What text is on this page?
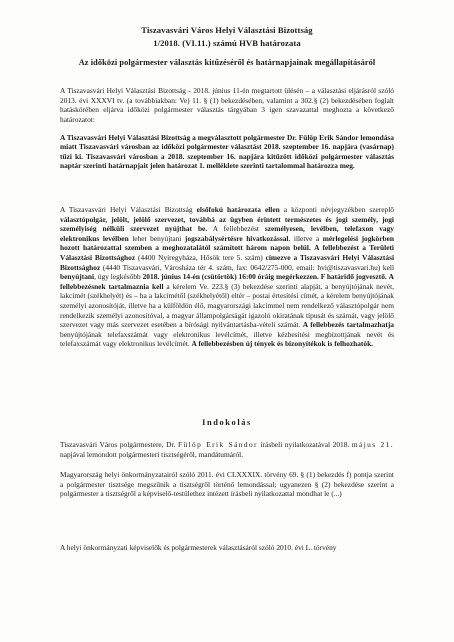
Tiszavasvári Város Helyi Választási Bizottság
1/2018. (VI.11.) számú HVB határozata
Az időközi polgármester választás kitűzéséről és határnapjainak megállapításáról
A Tiszavasvári Helyi Választási Bizottság - 2018. június 11-én megtartott ülésén – a választási eljárásról szóló 2013. évi XXXVI tv. (a továbbiakban: Ve) 11. § (1) bekezdésében, valamint a 302.§ (2) bekezdésében foglalt hatáskörében eljárva időközi polgármester választás tárgyában 3 igen szavazattal meghozta a következő határozatot:
A Tiszavasvári Helyi Választási Bizottság a megválasztott polgármester Dr. Fülöp Erik Sándor lemondása miatt Tiszavasvári városban az időközi polgármester választást 2018. szeptember 16. napjára (vasárnap) tűzi ki. Tiszavasvári városban a 2018. szeptember 16. napjára kitűzött időközi polgármester választás naptár szerinti határnapjait jelen határozat 1. melléklete szerinti tartalommal határozza meg.
A Tiszavasvári Helyi Választási Bizottság elsőfokú határozata ellen a központi névjegyzékben szereplő választópolgár, jelölt, jelölő szervezet, továbbá az ügyben érintett természetes és jogi személy, jogi személyiség nélküli szervezet nyújthat be. A fellebbezést személyesen, levélben, telefaxon vagy elektronikus levélben lehet benyújtani jogszabálysértésre hivatkozással, illetve a mérlegelési jogkörben hozott határozattal szemben a meghozatalától számított három napon belül. A fellebbezést a Területi Választási Bizottsághoz (4400 Nyíregyháza, Hősök tere 5. szám) címezve a Tiszavasvári Helyi Választási Bizottsághoz (4440 Tiszavasvári, Városháza tér 4. szám, fax: 0642/275-000, email: hvi@tiszavasvari.hu) kell benyújtani, úgy legkésőbb 2018. június 14-én (csütörtök) 16:00 óráig megérkezzen. F határidő jogvesztő. A fellebbezésnek tartalmaznia kell a kérelem Ve. 223.§ (3) bekezdése szerinti alapját, a benyújtójának nevét, lakcímét (székhelyét) és – ha a lakcímétől (székhelyétől) eltér – postai értesítési címét, a kérelem benyújtójának személyi azonosítóját, illetve ha a külföldön élő, magyarországi lakcímmel nem rendelkező választópolgár nem rendelkezik személyi azonosítóval, a magyar állampolgárságát igazoló okiratának típusát és számát, vagy jelölő szervezet vagy más szervezet esetében a bírósági nyilvántartásba-vételi számát. A fellebbezés tartalmazhatja benyújtójának telefaxszámát vagy elektronikus levélcímét, illetve kézbesítési megbízottjának nevét és telefaxszámát vagy elektronikus levélcímét. A fellebbezésben új tények és bizonyítékok is felhozhatók.
Indokolás
Tiszavasvári Város polgármestere, Dr. Fülöp Erik Sándor írásbeli nyilatkozatával 2018. május 21. napjával lemondott polgármesteri tisztségéről, mandátumáról.
Magyarország helyi önkormányzatairól szóló 2011. évi CLXXXIX. törvény 69. § (1) bekezdés f) pontja szerint a polgármester tisztsége megszűnik a tisztségről történő lemondással; ugyanezen § (2) bekezdése szerint a polgármester a tisztségről a képviselő-testülethez intézett írásbeli nyilatkozattal mondhat le (...)
A helyi önkormányzati képviselők és polgármesterek választásáról szóló 2010. évi L. törvény
